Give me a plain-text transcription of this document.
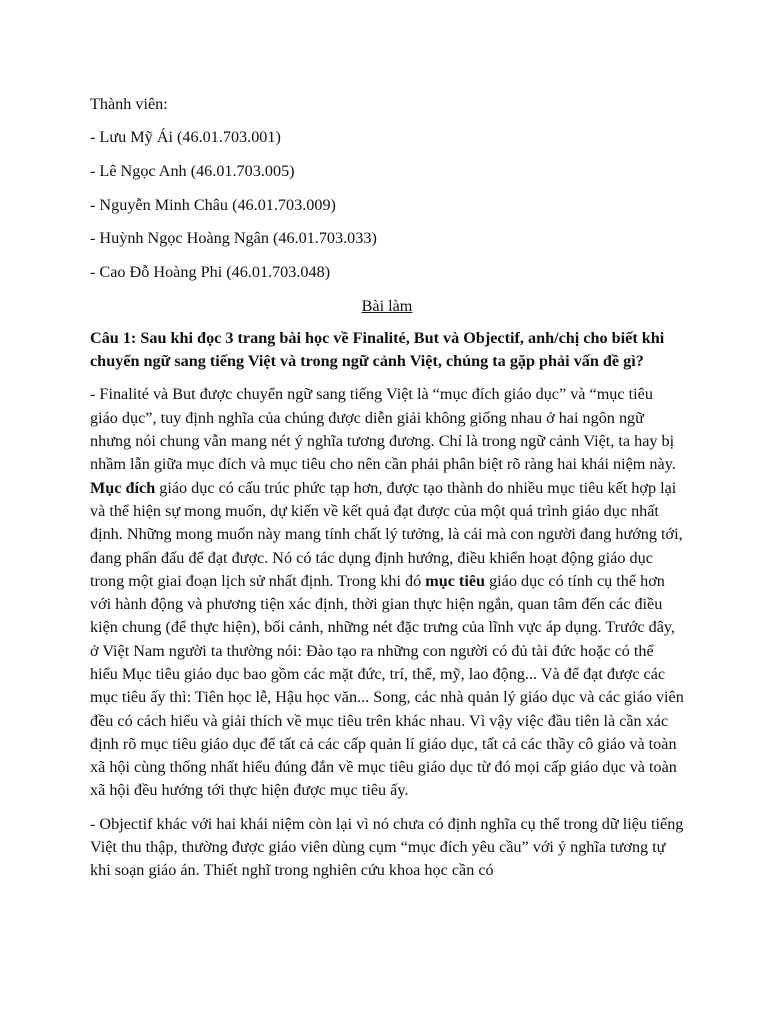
Thành viên:

- Lưu Mỹ Ái (46.01.703.001)

- Lê Ngọc Anh (46.01.703.005)

- Nguyễn Minh Châu (46.01.703.009)

- Huỳnh Ngọc Hoàng Ngân (46.01.703.033)

- Cao Đỗ Hoàng Phi (46.01.703.048)

Bài làm

Câu 1: Sau khi đọc 3 trang bài học về Finalité, But và Objectif, anh/chị cho biết khi chuyển ngữ sang tiếng Việt và trong ngữ cảnh Việt, chúng ta gặp phải vấn đề gì?

- Finalité và But được chuyển ngữ sang tiếng Việt là “mục đích giáo dục” và “mục tiêu giáo dục”, tuy định nghĩa của chúng được diễn giải không giống nhau ở hai ngôn ngữ nhưng nói chung vẫn mang nét ý nghĩa tương đương. Chỉ là trong ngữ cảnh Việt, ta hay bị nhầm lẫn giữa mục đích và mục tiêu cho nên cần phải phân biệt rõ ràng hai khái niệm này. Mục đích giáo dục có cấu trúc phức tạp hơn, được tạo thành do nhiều mục tiêu kết hợp lại và thể hiện sự mong muốn, dự kiến về kết quả đạt được của một quá trình giáo dục nhất định. Những mong muốn này mang tính chất lý tưởng, là cái mà con người đang hướng tới, đang phấn đấu để đạt được. Nó có tác dụng định hướng, điều khiển hoạt động giáo dục trong một giai đoạn lịch sử nhất định. Trong khi đó mục tiêu giáo dục có tính cụ thể hơn với hành động và phương tiện xác định, thời gian thực hiện ngắn, quan tâm đến các điều kiện chung (để thực hiện), bối cảnh, những nét đặc trưng của lĩnh vực áp dụng. Trước đây, ở Việt Nam người ta thường nói: Đào tạo ra những con người có đủ tài đức hoặc có thể hiểu Mục tiêu giáo dục bao gồm các mặt đức, trí, thể, mỹ, lao động... Và để đạt được các mục tiêu ấy thì: Tiên học lễ, Hậu học văn... Song, các nhà quản lý giáo dục và các giáo viên đều có cách hiểu và giải thích về mục tiêu trên khác nhau. Vì vậy việc đầu tiên là cần xác định rõ mục tiêu giáo dục để tất cả các cấp quản lí giáo dục, tất cả các thầy cô giáo và toàn xã hội cùng thống nhất hiểu đúng đắn về mục tiêu giáo dục từ đó mọi cấp giáo dục và toàn xã hội đều hướng tới thực hiện được mục tiêu ấy.

- Objectif khác với hai khái niệm còn lại vì nó chưa có định nghĩa cụ thể trong dữ liệu tiếng Việt thu thập, thường được giáo viên dùng cụm “mục đích yêu cầu” với ý nghĩa tương tự khi soạn giáo án. Thiết nghĩ trong nghiên cứu khoa học cần có
